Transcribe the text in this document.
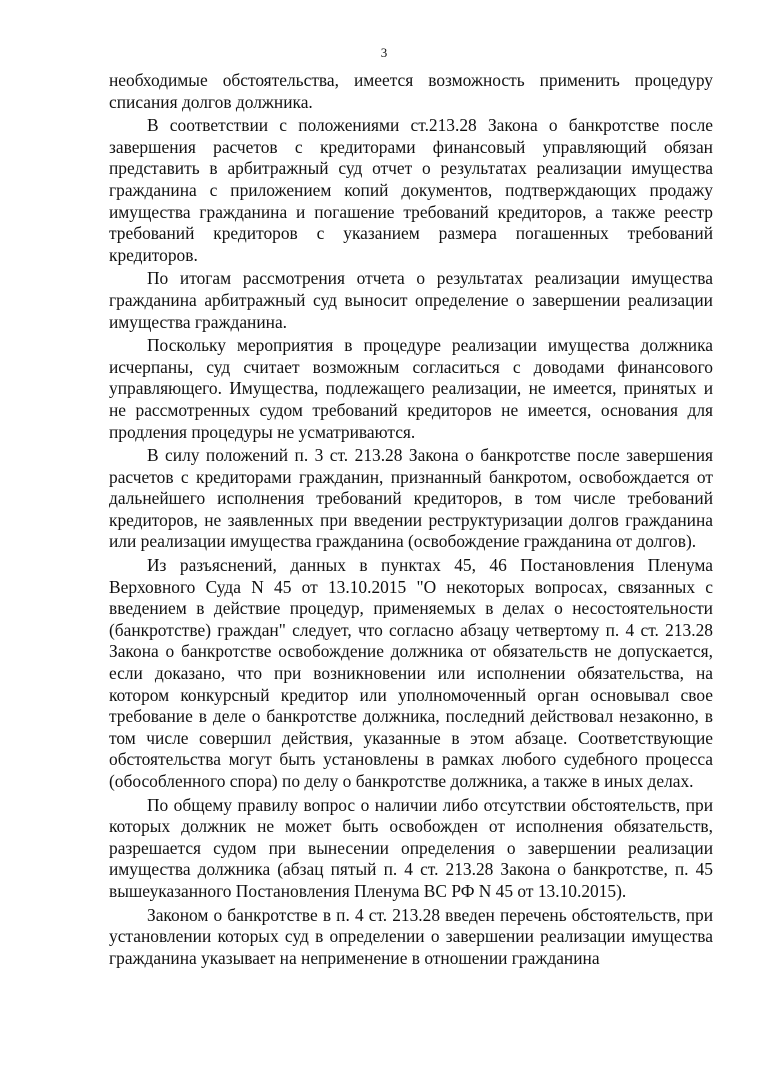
3

необходимые обстоятельства, имеется возможность применить процедуру списания долгов должника.

В соответствии с положениями ст.213.28 Закона о банкротстве после завершения расчетов с кредиторами финансовый управляющий обязан представить в арбитражный суд отчет о результатах реализации имущества гражданина с приложением копий документов, подтверждающих продажу имущества гражданина и погашение требований кредиторов, а также реестр требований кредиторов с указанием размера погашенных требований кредиторов.

По итогам рассмотрения отчета о результатах реализации имущества гражданина арбитражный суд выносит определение о завершении реализации имущества гражданина.

Поскольку мероприятия в процедуре реализации имущества должника исчерпаны, суд считает возможным согласиться с доводами финансового управляющего. Имущества, подлежащего реализации, не имеется, принятых и не рассмотренных судом требований кредиторов не имеется, основания для продления процедуры не усматриваются.

В силу положений п. 3 ст. 213.28 Закона о банкротстве после завершения расчетов с кредиторами гражданин, признанный банкротом, освобождается от дальнейшего исполнения требований кредиторов, в том числе требований кредиторов, не заявленных при введении реструктуризации долгов гражданина или реализации имущества гражданина (освобождение гражданина от долгов).

Из разъяснений, данных в пунктах 45, 46 Постановления Пленума Верховного Суда N 45 от 13.10.2015 "О некоторых вопросах, связанных с введением в действие процедур, применяемых в делах о несостоятельности (банкротстве) граждан" следует, что согласно абзацу четвертому п. 4 ст. 213.28 Закона о банкротстве освобождение должника от обязательств не допускается, если доказано, что при возникновении или исполнении обязательства, на котором конкурсный кредитор или уполномоченный орган основывал свое требование в деле о банкротстве должника, последний действовал незаконно, в том числе совершил действия, указанные в этом абзаце. Соответствующие обстоятельства могут быть установлены в рамках любого судебного процесса (обособленного спора) по делу о банкротстве должника, а также в иных делах.

По общему правилу вопрос о наличии либо отсутствии обстоятельств, при которых должник не может быть освобожден от исполнения обязательств, разрешается судом при вынесении определения о завершении реализации имущества должника (абзац пятый п. 4 ст. 213.28 Закона о банкротстве, п. 45 вышеуказанного Постановления Пленума ВС РФ N 45 от 13.10.2015).

Законом о банкротстве в п. 4 ст. 213.28 введен перечень обстоятельств, при установлении которых суд в определении о завершении реализации имущества гражданина указывает на неприменение в отношении гражданина
